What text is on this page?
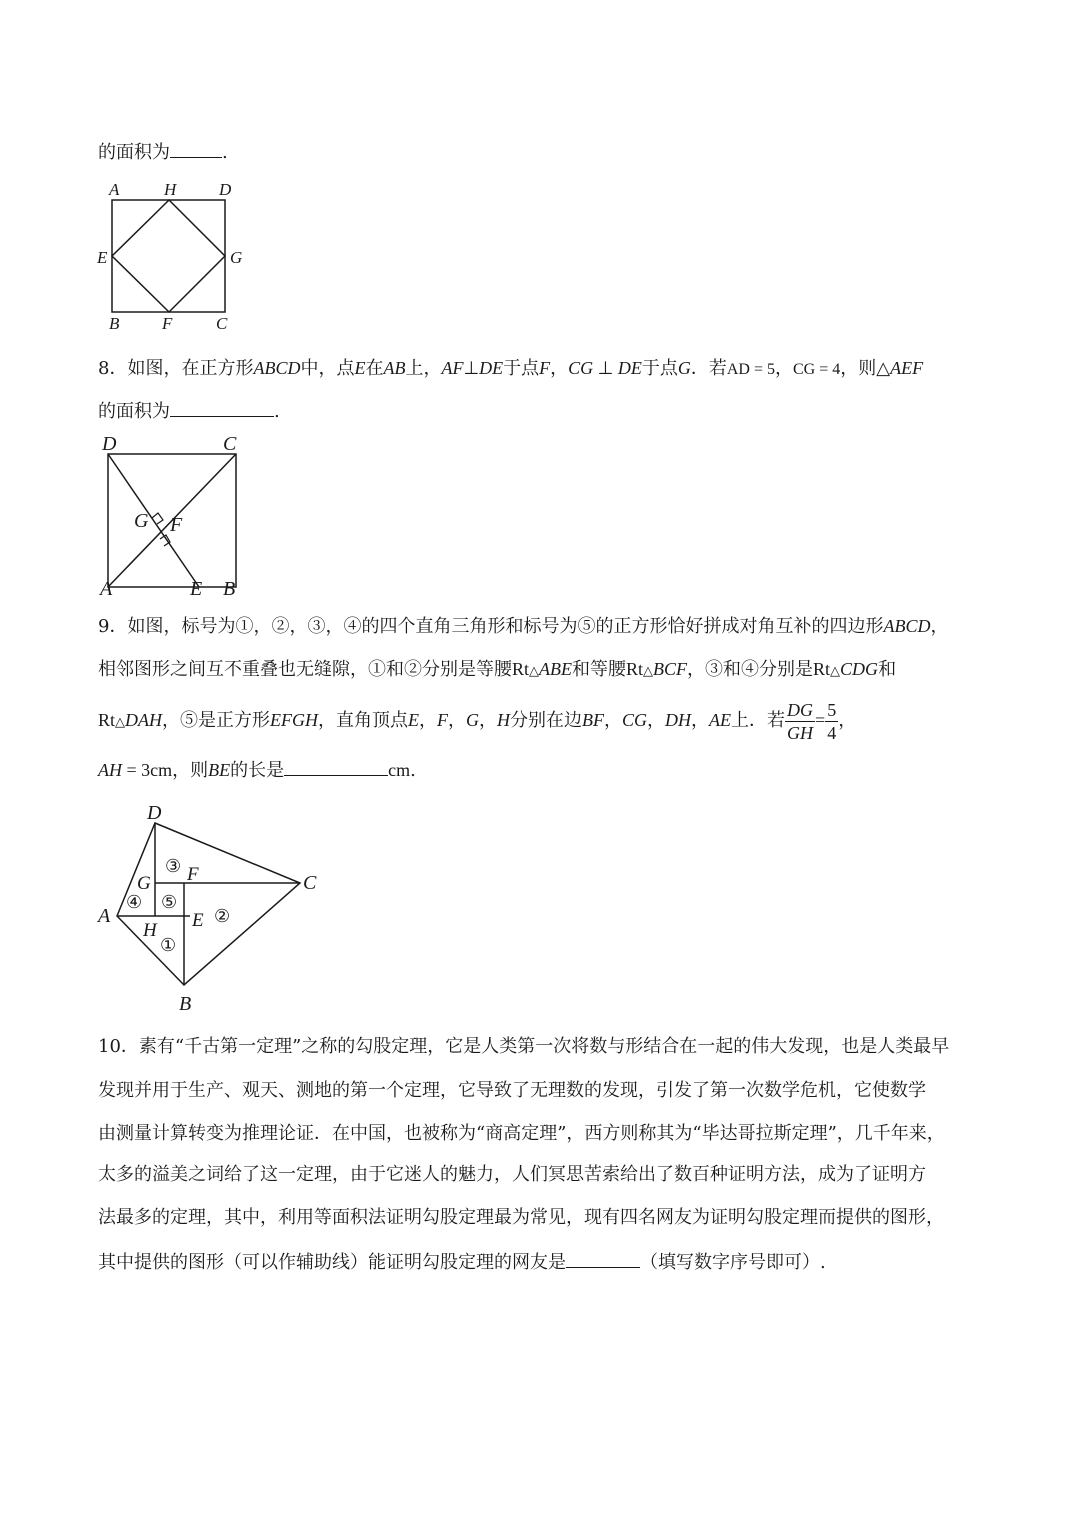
的面积为	.
A	H	D
E	G
B	F	C
8．如图，在正方形ABCD中，点E在AB上，AF⊥DE于点F，CG ⊥ DE于点G．若AD = 5，CG = 4，则△AEF
的面积为	.
D	C
G F
A	E B
9．如图，标号为①，②，③，④的四个直角三角形和标号为⑤的正方形恰好拼成对角互补的四边形ABCD，
相邻图形之间互不重叠也无缝隙，①和②分别是等腰Rt△ABE和等腰Rt△BCF，③和④分别是Rt△CDG和
Rt△DAH，⑤是正方形EFGH，直角顶点E，F，G，H分别在边BF，CG，DH，AE上．若 $\frac{DG}{GH} = \frac{5}{4}$ ，
AH = 3cm，则BE的长是	cm.
D
C
A
B
G F
E
H
③
④ ⑤
②
①
10．素有“千古第一定理”之称的勾股定理，它是人类第一次将数与形结合在一起的伟大发现，也是人类最早
发现并用于生产、观天、测地的第一个定理，它导致了无理数的发现，引发了第一次数学危机，它使数学
由测量计算转变为推理论证．在中国，也被称为“商高定理”，西方则称其为“毕达哥拉斯定理”，几千年来，
太多的溢美之词给了这一定理，由于它迷人的魅力，人们冥思苦索给出了数百种证明方法，成为了证明方
法最多的定理，其中，利用等面积法证明勾股定理最为常见，现有四名网友为证明勾股定理而提供的图形，
其中提供的图形（可以作辅助线）能证明勾股定理的网友是	（填写数字序号即可）.
